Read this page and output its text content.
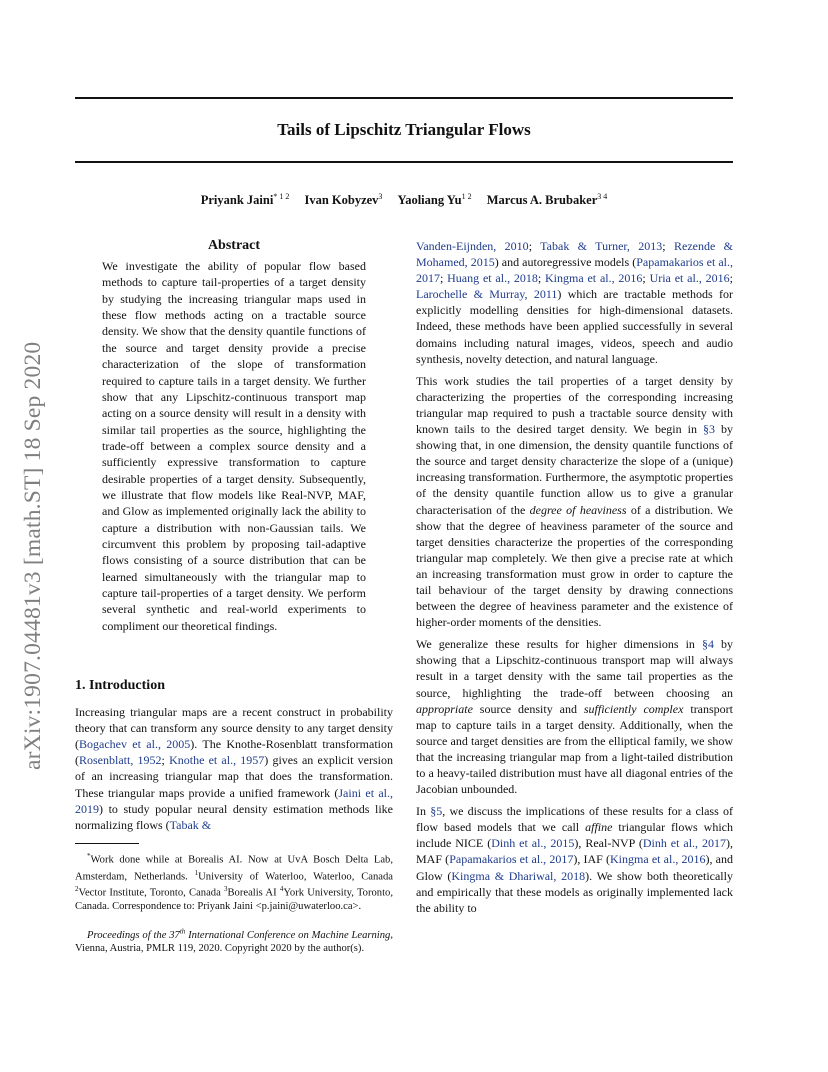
Tails of Lipschitz Triangular Flows
Priyank Jaini$^{* 1 2}$ Ivan Kobyzev$^3$ Yaoliang $Yu^{1 2}$ Marcus A. Brubaker$^{3 4}$
arXiv:1907.04481v3 [math.ST] 18 Sep 2020
Abstract
We investigate the ability of popular flow based methods to capture tail-properties of a target density by studying the increasing triangular maps used in these flow methods acting on a tractable source density. We show that the density quantile functions of the source and target density provide a precise characterization of the slope of transformation required to capture tails in a target density. We further show that any Lipschitz-continuous transport map acting on a source density will result in a density with similar tail properties as the source, highlighting the trade-off between a complex source density and a sufficiently expressive transformation to capture desirable properties of a target density. Subsequently, we illustrate that flow models like Real-NVP, MAF, and Glow as implemented originally lack the ability to capture a distribution with non-Gaussian tails. We circumvent this problem by proposing tail-adaptive flows consisting of a source distribution that can be learned simultaneously with the triangular map to capture tail-properties of a target density. We perform several synthetic and real-world experiments to compliment our theoretical findings.
1. Introduction

Increasing triangular maps are a recent construct in probability theory that can transform any source density to any target density (Bogachev et al., 2005). The Knothe-Rosenblatt transformation (Rosenblatt, 1952; Knothe et al., 1957) gives an explicit version of an increasing triangular map that does the transformation. These triangular maps provide a unified framework (Jaini et al., 2019) to study popular neural density estimation methods like normalizing flows (Tabak &

*Work done while at Borealis AI. Now at UvA Bosch Delta Lab, Amsterdam, Netherlands. $^1$University of Waterloo, Waterloo, Canada $^2$Vector Institute, Toronto, Canada $^3$Borealis AI $^4$York University, Toronto, Canada. Correspondence to: Priyank Jaini <p.jaini@uwaterloo.ca>.

Proceedings of the 37th International Conference on Machine Learning, Vienna, Austria, PMLR 119, 2020. Copyright 2020 by the author(s).

Vanden-Eijnden, 2010; Tabak & Turner, 2013; Rezende & Mohamed, 2015) and autoregressive models (Papamakarios et al., 2017; Huang et al., 2018; Kingma et al., 2016; Uria et al., 2016; Larochelle & Murray, 2011) which are tractable methods for explicitly modelling densities for high-dimensional datasets. Indeed, these methods have been applied successfully in several domains including natural images, videos, speech and audio synthesis, novelty detection, and natural language.

This work studies the tail properties of a target density by characterizing the properties of the corresponding increasing triangular map required to push a tractable source density with known tails to the desired target density. We begin in §3 by showing that, in one dimension, the density quantile functions of the source and target density characterize the slope of a (unique) increasing transformation. Furthermore, the asymptotic properties of the density quantile function allow us to give a granular characterisation of the degree of heaviness of a distribution. We show that the degree of heaviness parameter of the source and target densities characterize the properties of the corresponding triangular map completely. We then give a precise rate at which an increasing transformation must grow in order to capture the tail behaviour of the target density by drawing connections between the degree of heaviness parameter and the existence of higher-order moments of the densities.

We generalize these results for higher dimensions in §4 by showing that a Lipschitz-continuous transport map will always result in a target density with the same tail properties as the source, highlighting the trade-off between choosing an appropriate source density and sufficiently complex transport map to capture tails in a target density. Additionally, when the source and target densities are from the elliptical family, we show that the increasing triangular map from a light-tailed distribution to a heavy-tailed distribution must have all diagonal entries of the Jacobian unbounded.

In §5, we discuss the implications of these results for a class of flow based models that we call affine triangular flows which include NICE (Dinh et al., 2015), Real-NVP (Dinh et al., 2017), MAF (Papamakarios et al., 2017), IAF (Kingma et al., 2016), and Glow (Kingma & Dhariwal, 2018). We show both theoretically and empirically that these models as originally implemented lack the ability to
